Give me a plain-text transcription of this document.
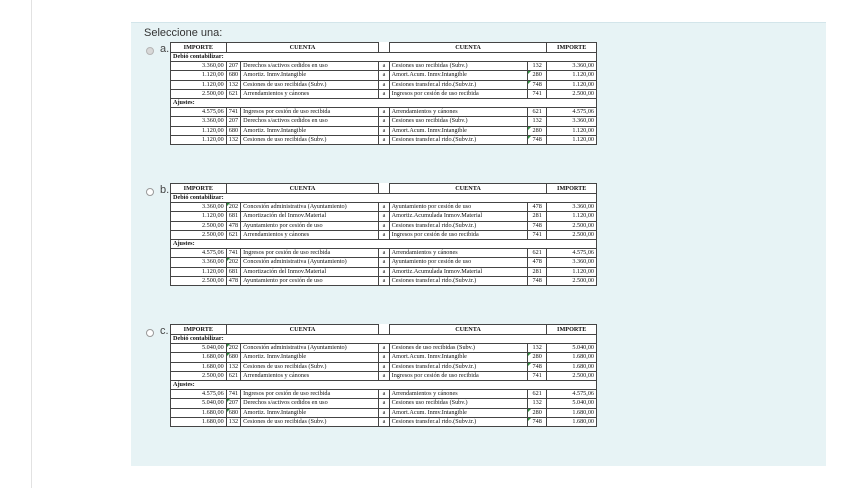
Seleccione una:
a. IMPORTE	CUENTA			CUENTA		IMPORTE
Debió contabilizar:						
3.360,00	207	Derechos s/activos cedidos en uso	a	Cesiones uso recibidas (Subv.)	132	3.360,00
1.120,00	680	Amortiz. Inmv.Intangible	a	Amort.Acum. Inmv.Intangible	280	1.120,00
1.120,00	132	Cesiones de uso recibidas (Subv.)	a	Cesiones transfer.al rtdo.(Subv.tr.)	748	1.120,00
2.500,00	621	Arrendamientos y cánones	a	Ingresos por cesión de uso recibida	741	2.500,00
Ajustes:						
4.575,06	741	Ingresos por cesión de uso recibida	a	Arrendamientos y cánones	621	4.575,06
3.360,00	207	Derechos s/activos cedidos en uso	a	Cesiones uso recibidas (Subv.)	132	3.360,00
1.120,00	680	Amortiz. Inmv.Intangible	a	Amort.Acum. Inmv.Intangible	280	1.120,00
1.120,00	132	Cesiones de uso recibidas (Subv.)	a	Cesiones transfer.al rtdo.(Subv.tr.)	748	1.120,00
b. IMPORTE	CUENTA			CUENTA		IMPORTE
Debió contabilizar:						
3.360,00	202	Concesión administrativa (Ayuntamiento)	a	Ayuntamiento por cesión de uso	478	3.360,00
1.120,00	681	Amortización del Inmov.Material	a	Amortiz.Acumulada Inmov.Material	281	1.120,00
2.500,00	478	Ayuntamiento por cesión de uso	a	Cesiones transfer.al rtdo.(Subv.tr.)	748	2.500,00
2.500,00	621	Arrendamientos y cánones	a	Ingresos por cesión de uso recibida	741	2.500,00
Ajustes:						
4.575,06	741	Ingresos por cesión de uso recibida	a	Arrendamientos y cánones	621	4.575,06
3.360,00	202	Concesión administrativa (Ayuntamiento)	a	Ayuntamiento por cesión de uso	478	3.360,00
1.120,00	681	Amortización del Inmov.Material	a	Amortiz.Acumulada Inmov.Material	281	1.120,00
2.500,00	478	Ayuntamiento por cesión de uso	a	Cesiones transfer.al rtdo.(Subv.tr.)	748	2.500,00
c. IMPORTE	CUENTA			CUENTA		IMPORTE
Debió contabilizar:						
5.040,00	202	Concesión administrativa (Ayuntamiento)	a	Cesiones de uso recibidas (Subv.)	132	5.040,00
1.680,00	680	Amortiz. Inmv.Intangible	a	Amort.Acum. Inmv.Intangible	280	1.680,00
1.680,00	132	Cesiones de uso recibidas (Subv.)	a	Cesiones transfer.al rtdo.(Subv.tr.)	748	1.680,00
2.500,00	621	Arrendamientos y cánones	a	Ingresos por cesión de uso recibida	741	2.500,00
Ajustes:						
4.575,06	741	Ingresos por cesión de uso recibida	a	Arrendamientos y cánones	621	4.575,06
5.040,00	207	Derechos s/activos cedidos en uso	a	Cesiones uso recibidas (Subv.)	132	5.040,00
1.680,00	680	Amortiz. Inmv.Intangible	a	Amort.Acum. Inmv.Intangible	280	1.680,00
1.680,00	132	Cesiones de uso recibidas (Subv.)	a	Cesiones transfer.al rtdo.(Subv.tr.)	748	1.680,00
